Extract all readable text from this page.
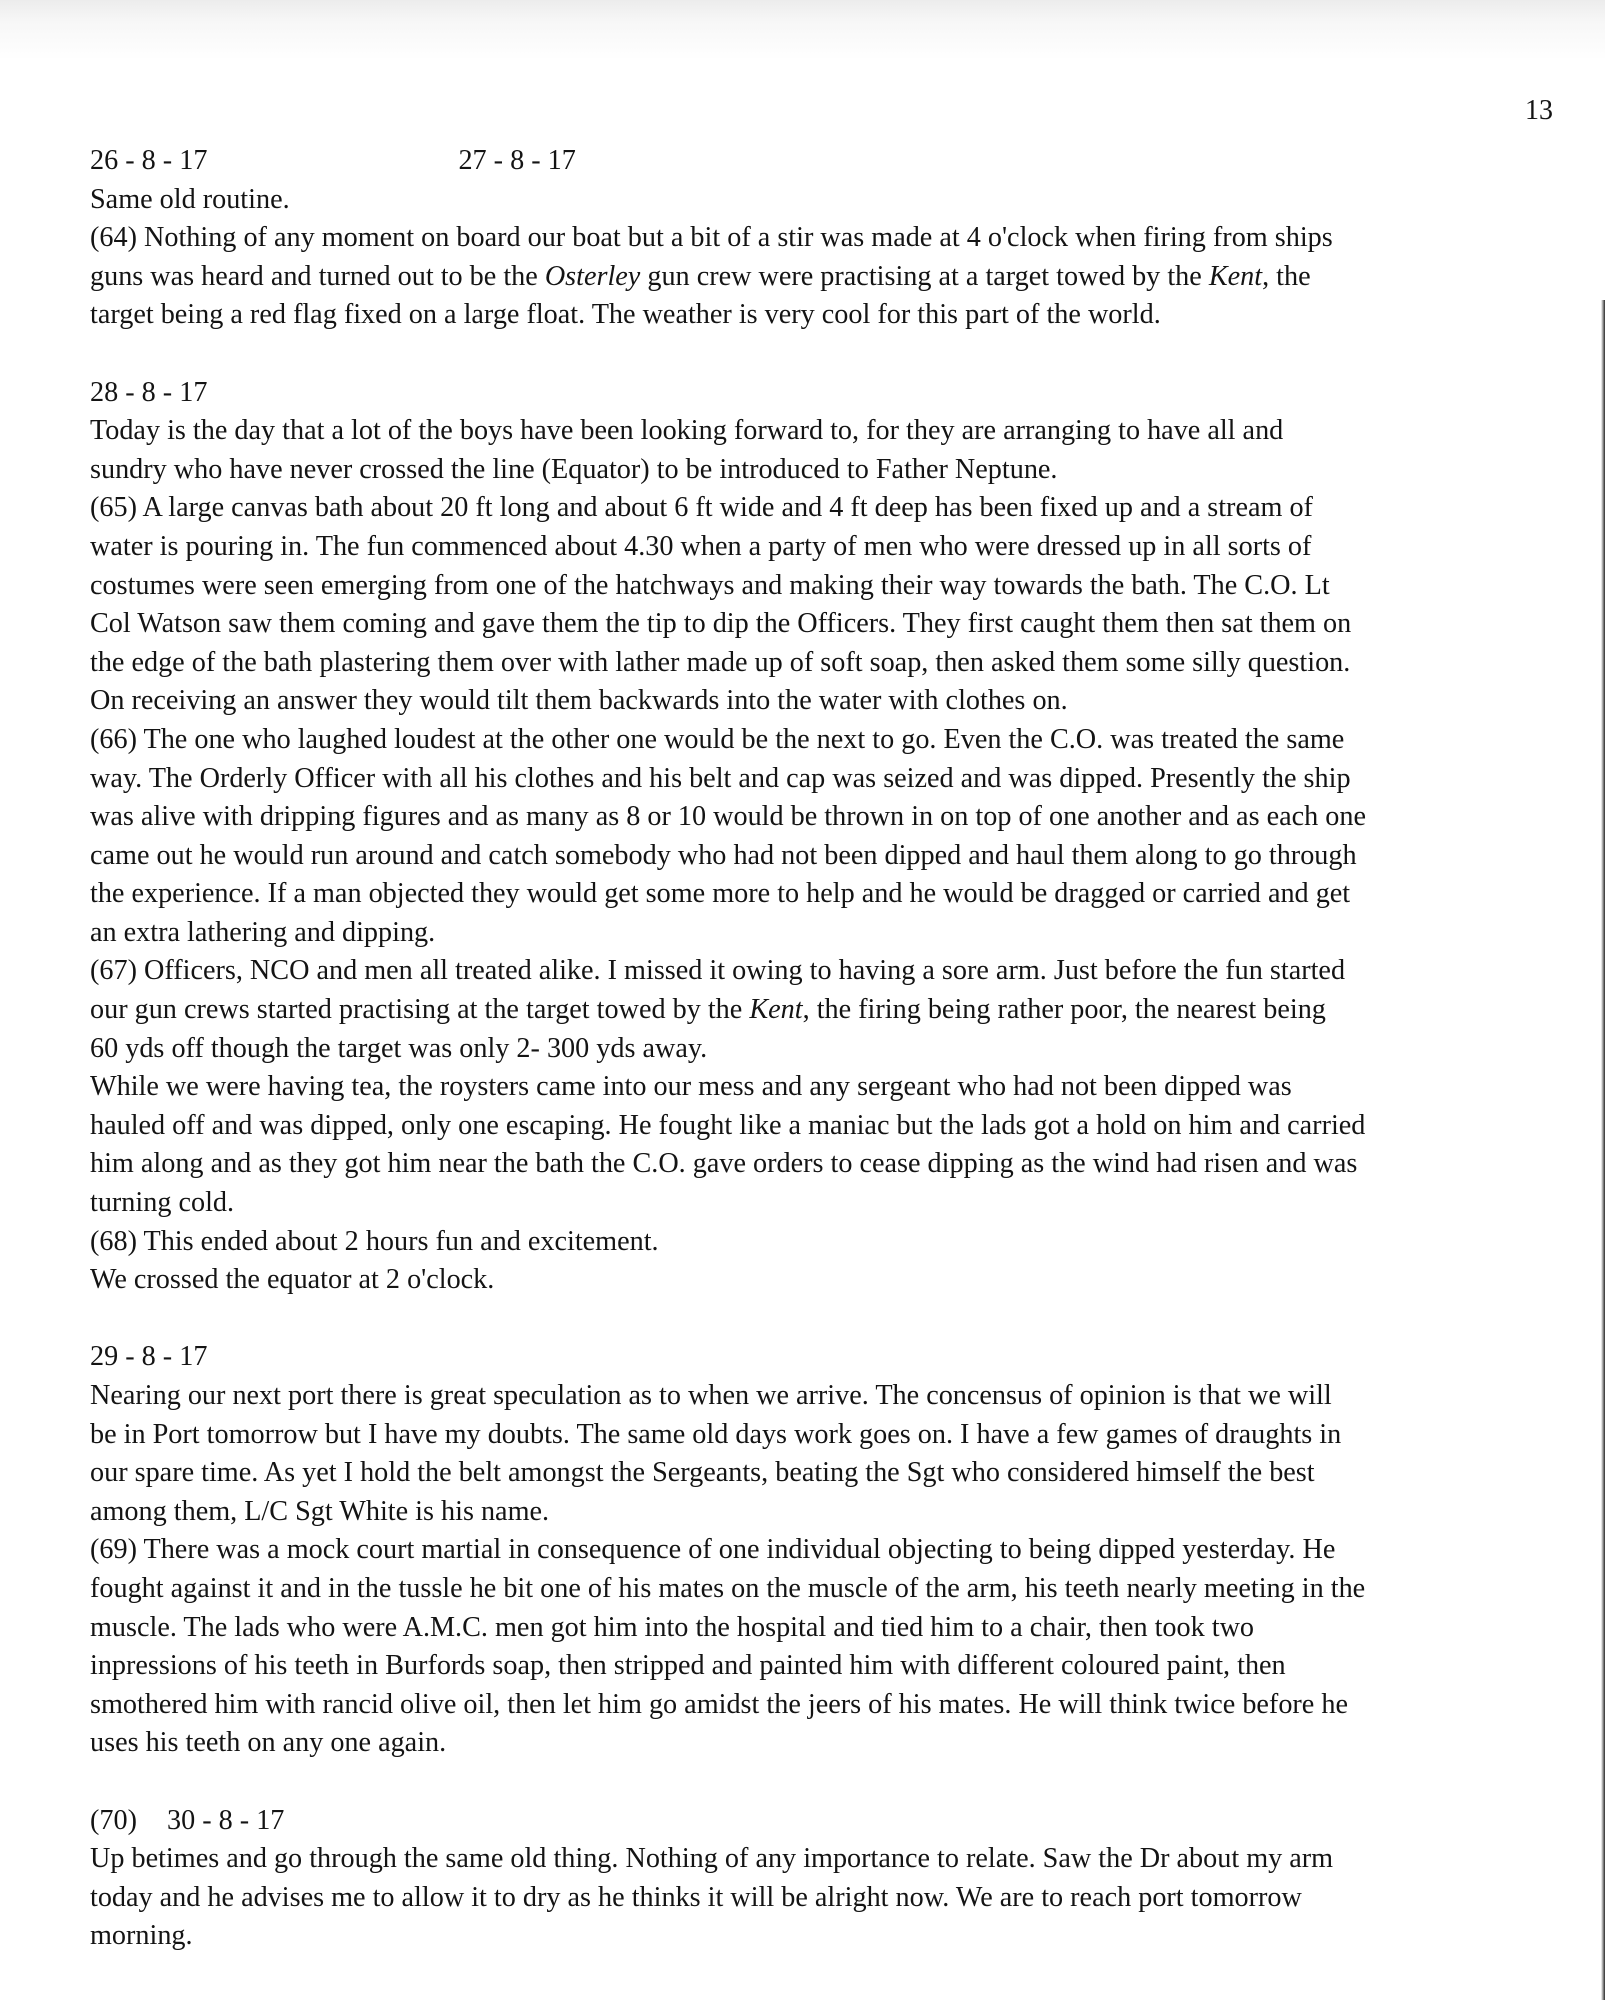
13
26 - 8 - 17	27 - 8 - 17
Same old routine.
(64) Nothing of any moment on board our boat but a bit of a stir was made at 4 o'clock when firing from ships
guns was heard and turned out to be the Osterley gun crew were practising at a target towed by the Kent, the
target being a red flag fixed on a large float. The weather is very cool for this part of the world.
28 - 8 - 17
Today is the day that a lot of the boys have been looking forward to, for they are arranging to have all and
sundry who have never crossed the line (Equator) to be introduced to Father Neptune.
(65) A large canvas bath about 20 ft long and about 6 ft wide and 4 ft deep has been fixed up and a stream of
water is pouring in. The fun commenced about 4.30 when a party of men who were dressed up in all sorts of
costumes were seen emerging from one of the hatchways and making their way towards the bath. The C.O. Lt
Col Watson saw them coming and gave them the tip to dip the Officers. They first caught them then sat them on
the edge of the bath plastering them over with lather made up of soft soap, then asked them some silly question.
On receiving an answer they would tilt them backwards into the water with clothes on.
(66) The one who laughed loudest at the other one would be the next to go. Even the C.O. was treated the same
way. The Orderly Officer with all his clothes and his belt and cap was seized and was dipped. Presently the ship
was alive with dripping figures and as many as 8 or 10 would be thrown in on top of one another and as each one
came out he would run around and catch somebody who had not been dipped and haul them along to go through
the experience. If a man objected they would get some more to help and he would be dragged or carried and get
an extra lathering and dipping.
(67) Officers, NCO and men all treated alike. I missed it owing to having a sore arm. Just before the fun started
our gun crews started practising at the target towed by the Kent, the firing being rather poor, the nearest being
60 yds off though the target was only 2- 300 yds away.
While we were having tea, the roysters came into our mess and any sergeant who had not been dipped was
hauled off and was dipped, only one escaping. He fought like a maniac but the lads got a hold on him and carried
him along and as they got him near the bath the C.O. gave orders to cease dipping as the wind had risen and was
turning cold.
(68) This ended about 2 hours fun and excitement.
We crossed the equator at 2 o'clock.
29 - 8 - 17
Nearing our next port there is great speculation as to when we arrive. The concensus of opinion is that we will
be in Port tomorrow but I have my doubts. The same old days work goes on. I have a few games of draughts in
our spare time. As yet I hold the belt amongst the Sergeants, beating the Sgt who considered himself the best
among them, L/C Sgt White is his name.
(69) There was a mock court martial in consequence of one individual objecting to being dipped yesterday. He
fought against it and in the tussle he bit one of his mates on the muscle of the arm, his teeth nearly meeting in the
muscle. The lads who were A.M.C. men got him into the hospital and tied him to a chair, then took two
inpressions of his teeth in Burfords soap, then stripped and painted him with different coloured paint, then
smothered him with rancid olive oil, then let him go amidst the jeers of his mates. He will think twice before he
uses his teeth on any one again.
(70) 30 - 8 - 17
Up betimes and go through the same old thing. Nothing of any importance to relate. Saw the Dr about my arm
today and he advises me to allow it to dry as he thinks it will be alright now. We are to reach port tomorrow
morning.
